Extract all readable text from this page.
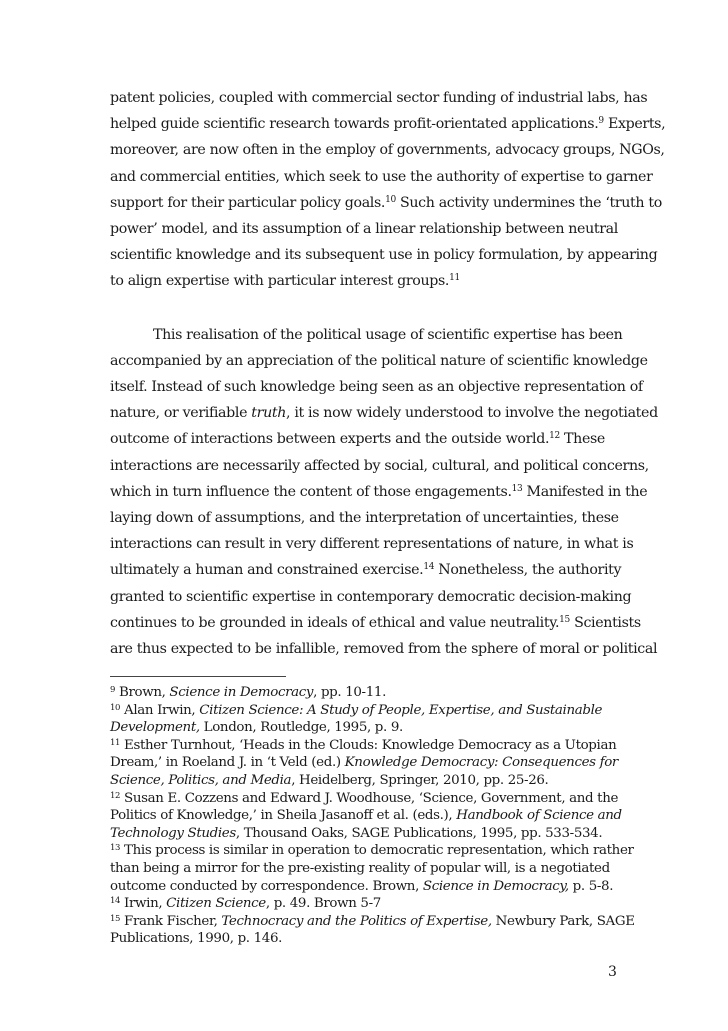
patent policies, coupled with commercial sector funding of industrial labs, has
helped guide scientific research towards profit-orientated applications.$^9$ Experts,
moreover, are now often in the employ of governments, advocacy groups, NGOs,
and commercial entities, which seek to use the authority of expertise to garner
support for their particular policy goals.$^{10}$ Such activity undermines the ‘truth to
power’ model, and its assumption of a linear relationship between neutral
scientific knowledge and its subsequent use in policy formulation, by appearing
to align expertise with particular interest groups.$^{11}$
This realisation of the political usage of scientific expertise has been
accompanied by an appreciation of the political nature of scientific knowledge
itself. Instead of such knowledge being seen as an objective representation of
nature, or verifiable truth, it is now widely understood to involve the negotiated
outcome of interactions between experts and the outside world.$^{12}$ These
interactions are necessarily affected by social, cultural, and political concerns,
which in turn influence the content of those engagements.$^{13}$ Manifested in the
laying down of assumptions, and the interpretation of uncertainties, these
interactions can result in very different representations of nature, in what is
ultimately a human and constrained exercise.$^{14}$ Nonetheless, the authority
granted to scientific expertise in contemporary democratic decision-making
continues to be grounded in ideals of ethical and value neutrality.$^{15}$ Scientists
are thus expected to be infallible, removed from the sphere of moral or political
$^9$ Brown, Science in Democracy, pp. 10-11.
$^{10}$ Alan Irwin, Citizen Science: A Study of People, Expertise, and Sustainable
Development, London, Routledge, 1995, p. 9.
$^{11}$ Esther Turnhout, ‘Heads in the Clouds: Knowledge Democracy as a Utopian
Dream,’ in Roeland J. in ‘t Veld (ed.) Knowledge Democracy: Consequences for
Science, Politics, and Media, Heidelberg, Springer, 2010, pp. 25-26.
$^{12}$ Susan E. Cozzens and Edward J. Woodhouse, ‘Science, Government, and the
Politics of Knowledge,’ in Sheila Jasanoff et al. (eds.), Handbook of Science and
Technology Studies, Thousand Oaks, SAGE Publications, 1995, pp. 533-534.
$^{13}$ This process is similar in operation to democratic representation, which rather
than being a mirror for the pre-existing reality of popular will, is a negotiated
outcome conducted by correspondence. Brown, Science in Democracy, p. 5-8.
$^{14}$ Irwin, Citizen Science, p. 49. Brown 5-7
$^{15}$ Frank Fischer, Technocracy and the Politics of Expertise, Newbury Park, SAGE
Publications, 1990, p. 146.
3
